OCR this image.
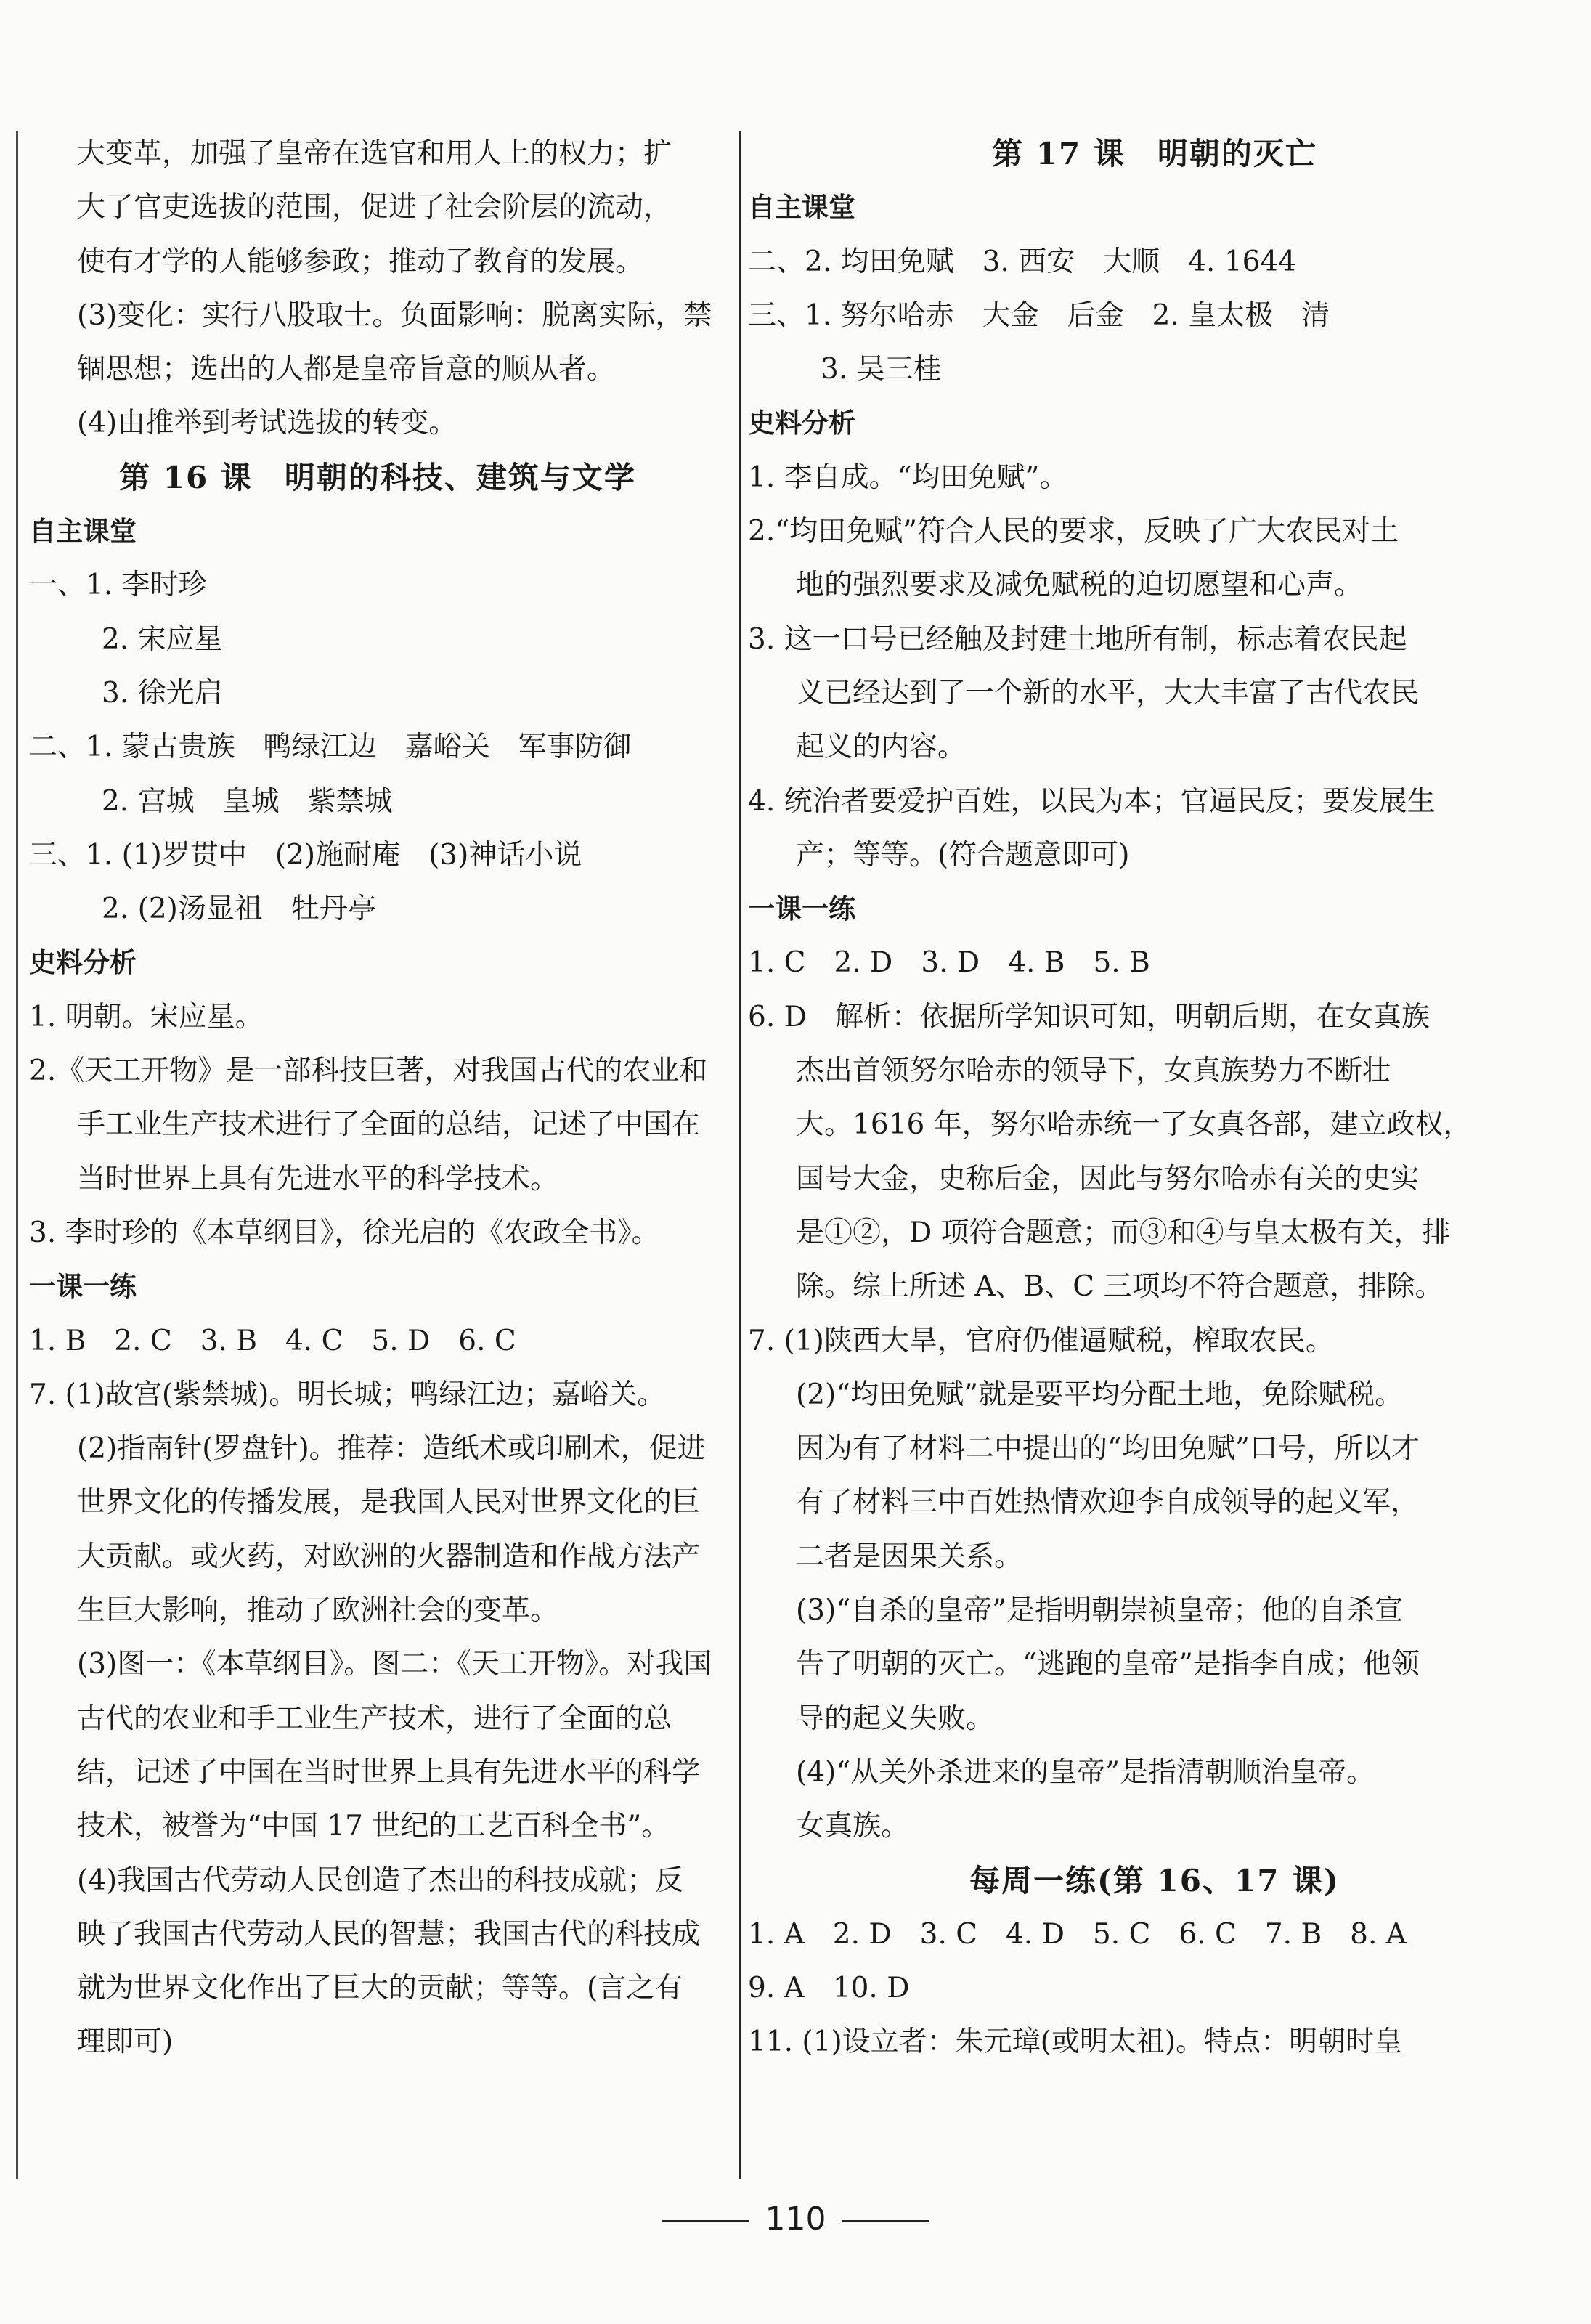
大变革，加强了皇帝在选官和用人上的权力；扩
大了官吏选拔的范围，促进了社会阶层的流动，
使有才学的人能够参政；推动了教育的发展。
(3)变化：实行八股取士。负面影响：脱离实际，禁
锢思想；选出的人都是皇帝旨意的顺从者。
(4)由推举到考试选拔的转变。
第 16 课　明朝的科技、建筑与文学
自主课堂
一、1. 李时珍
2. 宋应星
3. 徐光启
二、1. 蒙古贵族　鸭绿江边　嘉峪关　军事防御
2. 宫城　皇城　紫禁城
三、1. (1)罗贯中　(2)施耐庵　(3)神话小说
2. (2)汤显祖　牡丹亭
史料分析
1. 明朝。宋应星。
2.《天工开物》是一部科技巨著，对我国古代的农业和
手工业生产技术进行了全面的总结，记述了中国在
当时世界上具有先进水平的科学技术。
3. 李时珍的《本草纲目》，徐光启的《农政全书》。
一课一练
1. B　2. C　3. B　4. C　5. D　6. C
7. (1)故宫(紫禁城)。明长城；鸭绿江边；嘉峪关。
(2)指南针(罗盘针)。推荐：造纸术或印刷术，促进
世界文化的传播发展，是我国人民对世界文化的巨
大贡献。或火药，对欧洲的火器制造和作战方法产
生巨大影响，推动了欧洲社会的变革。
(3)图一：《本草纲目》。图二：《天工开物》。对我国
古代的农业和手工业生产技术，进行了全面的总
结，记述了中国在当时世界上具有先进水平的科学
技术，被誉为“中国 17 世纪的工艺百科全书”。
(4)我国古代劳动人民创造了杰出的科技成就；反
映了我国古代劳动人民的智慧；我国古代的科技成
就为世界文化作出了巨大的贡献；等等。(言之有
理即可)
第 17 课　明朝的灭亡
自主课堂
二、2. 均田免赋　3. 西安　大顺　4. 1644
三、1. 努尔哈赤　大金　后金　2. 皇太极　清
3. 吴三桂
史料分析
1. 李自成。“均田免赋”。
2.“均田免赋”符合人民的要求，反映了广大农民对土
地的强烈要求及减免赋税的迫切愿望和心声。
3. 这一口号已经触及封建土地所有制，标志着农民起
义已经达到了一个新的水平，大大丰富了古代农民
起义的内容。
4. 统治者要爱护百姓，以民为本；官逼民反；要发展生
产；等等。(符合题意即可)
一课一练
1. C　2. D　3. D　4. B　5. B
6. D　解析：依据所学知识可知，明朝后期，在女真族
杰出首领努尔哈赤的领导下，女真族势力不断壮
大。1616 年，努尔哈赤统一了女真各部，建立政权，
国号大金，史称后金，因此与努尔哈赤有关的史实
是①②，D 项符合题意；而③和④与皇太极有关，排
除。综上所述 A、B、C 三项均不符合题意，排除。
7. (1)陕西大旱，官府仍催逼赋税，榨取农民。
(2)“均田免赋”就是要平均分配土地，免除赋税。
因为有了材料二中提出的“均田免赋”口号，所以才
有了材料三中百姓热情欢迎李自成领导的起义军，
二者是因果关系。
(3)“自杀的皇帝”是指明朝崇祯皇帝；他的自杀宣
告了明朝的灭亡。“逃跑的皇帝”是指李自成；他领
导的起义失败。
(4)“从关外杀进来的皇帝”是指清朝顺治皇帝。
女真族。
每周一练(第 16、17 课)
1. A　2. D　3. C　4. D　5. C　6. C　7. B　8. A
9. A　10. D
11. (1)设立者：朱元璋(或明太祖)。特点：明朝时皇
110
